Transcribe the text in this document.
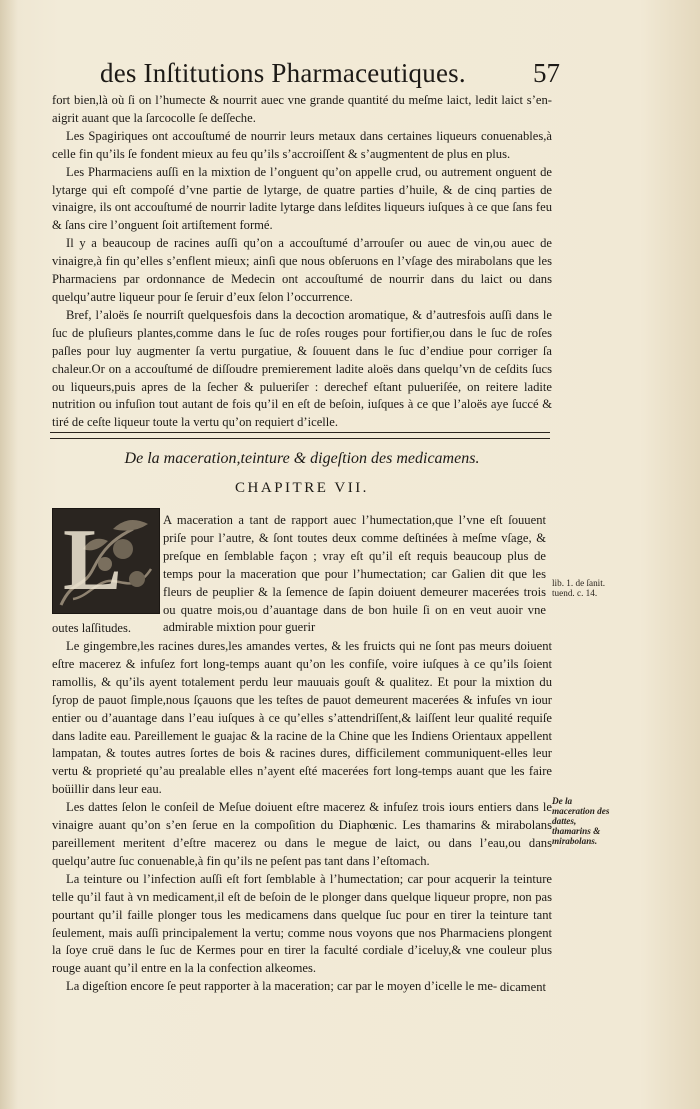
des Inſtitutions Pharmaceutiques. 57

fort bien,là où ſi on l’humecte & nourrit auec vne grande quantité du meſme laict, ledit laict s’en-aigrit auant que la ſarcocolle ſe deſſeche.

Les Spagiriques ont accouſtumé de nourrir leurs metaux dans certaines liqueurs conuenables,à celle fin qu’ils ſe fondent mieux au feu qu’ils s’accroiſſent & s’augmentent de plus en plus.

Les Pharmaciens auſſi en la mixtion de l’onguent qu’on appelle crud, ou autrement onguent de lytarge qui eſt compoſé d’vne partie de lytarge, de quatre parties d’huile, & de cinq parties de vinaigre, ils ont accouſtumé de nourrir ladite lytarge dans leſdites liqueurs iuſques à ce que ſans feu & ſans cire l’onguent ſoit artiſtement formé.

Il y a beaucoup de racines auſſi qu’on a accouſtumé d’arrouſer ou auec de vin,ou auec de vinaigre,à fin qu’elles s’enflent mieux; ainſi que nous obſeruons en l’vſage des mirabolans que les Pharmaciens par ordonnance de Medecin ont accouſtumé de nourrir dans du laict ou dans quelqu’autre liqueur pour ſe ſeruir d’eux ſelon l’occurrence.

Bref, l’aloës ſe nourriſt quelquesfois dans la decoction aromatique, & d’autresfois auſſi dans le ſuc de pluſieurs plantes,comme dans le ſuc de roſes rouges pour fortifier,ou dans le ſuc de roſes paſles pour luy augmenter ſa vertu purgatiue, & ſouuent dans le ſuc d’endiue pour corriger ſa chaleur.Or on a accouſtumé de diſſoudre premierement ladite aloës dans quelqu’vn de ceſdits ſucs ou liqueurs,puis apres de la ſecher & pulueriſer : derechef eſtant pulueriſée, on reitere ladite nutrition ou infuſion tout autant de fois qu’il en eſt de beſoin, iuſques à ce que l’aloës aye ſuccé & tiré de ceſte liqueur toute la vertu qu’on requiert d’icelle.

De la maceration,teinture & digeſtion des medicamens.
CHAPITRE VII.
L	A maceration a tant de rapport auec l’humectation,que l’vne eſt ſouuent priſe pour l’autre, & ſont toutes deux comme deſtinées à meſme vſage, & preſque en ſemblable façon ; vray eſt qu’il eſt requis beaucoup plus de temps pour la maceration que pour l’humectation; car Galien dit que les fleurs de peuplier & la ſemence de ſapin doiuent demeurer macerées trois ou quatre mois,ou d’auantage dans de bon huile ſi on en veut auoir vne admirable mixtion pour guerir

lib. 1. de ſanit. tuend. c. 14.

outes laſſitudes.

Le gingembre,les racines dures,les amandes vertes, & les fruicts qui ne ſont pas meurs doiuent eſtre macerez & infuſez fort long-temps auant qu’on les confiſe, voire iuſques à ce qu’ils ſoient ramollis, & qu’ils ayent totalement perdu leur mauuais gouſt & qualitez. Et pour la mixtion du ſyrop de pauot ſimple,nous ſçauons que les teſtes de pauot demeurent macerées & infuſes vn iour entier ou d’auantage dans l’eau iuſques à ce qu’elles s’attendriſſent,& laiſſent leur qualité requiſe dans ladite eau. Pareillement le guajac & la racine de la Chine que les Indiens Orientaux appellent lampatan, & toutes autres ſortes de bois & racines dures, difficilement communiquent-elles leur vertu & proprieté qu’au prealable elles n’ayent eſté macerées fort long-temps auant que les faire boüillir dans leur eau.

Les dattes ſelon le conſeil de Meſue doiuent eſtre macerez & infuſez trois iours entiers dans le vinaigre auant qu’on s’en ſerue en la compoſition du Diaphœnic. Les thamarins & mirabolans pareillement meritent d’eſtre macerez ou dans le megue de laict, ou dans l’eau,ou dans quelqu’autre ſuc conuenable,à fin qu’ils ne peſent pas tant dans l’eſtomach.

La teinture ou l’infection auſſi eſt fort ſemblable à l’humectation; car pour acquerir la teinture telle qu’il faut à vn medicament,il eſt de beſoin de le plonger dans quelque liqueur propre, non pas pourtant qu’il faille plonger tous les medicamens dans quelque ſuc pour en tirer la teinture tant ſeulement, mais auſſi principalement la vertu; comme nous voyons que nos Pharmaciens plongent la ſoye cruë dans le ſuc de Kermes pour en tirer la faculté cordiale d’iceluy,& vne couleur plus rouge auant qu’il entre en la la confection alkeomes.

La digeſtion encore ſe peut rapporter à la maceration; car par le moyen d’icelle le me-

De la maceration des dattes, thamarins & mirabolans.
dicament
